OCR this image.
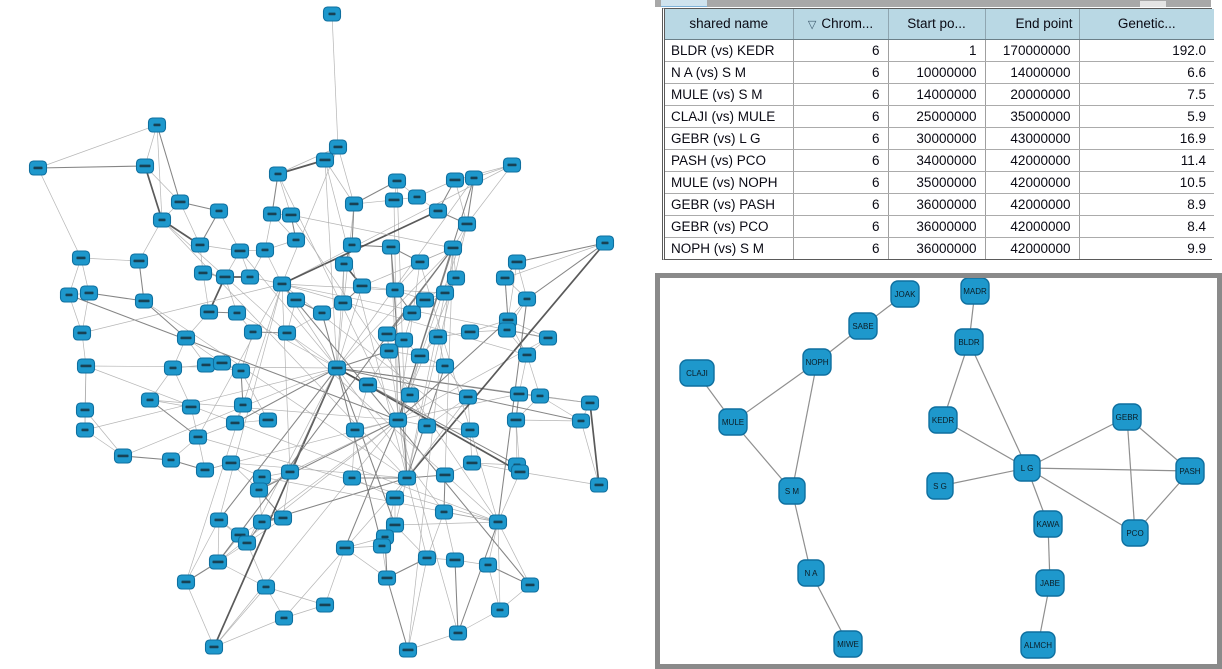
shared name	▽ Chrom...	Start po...	End point	Genetic...
BLDR (vs) KEDR	6	1	170000000	192.0
N A (vs) S M	6	10000000	14000000	6.6
MULE (vs) S M	6	14000000	20000000	7.5
CLAJI (vs) MULE	6	25000000	35000000	5.9
GEBR (vs) L G	6	30000000	43000000	16.9
PASH (vs) PCO	6	34000000	42000000	11.4
MULE (vs) NOPH	6	35000000	42000000	10.5
GEBR (vs) PASH	6	36000000	42000000	8.9
GEBR (vs) PCO	6	36000000	42000000	8.4
NOPH (vs) S M	6	36000000	42000000	9.9
JOAK	MADR
SABE
BLDR
NOPH
CLAJI
MULE	KEDR	GEBR
L G	PASH
S G
S M
KAWA
PCO
N A
JABE
MIWE	ALMCH
